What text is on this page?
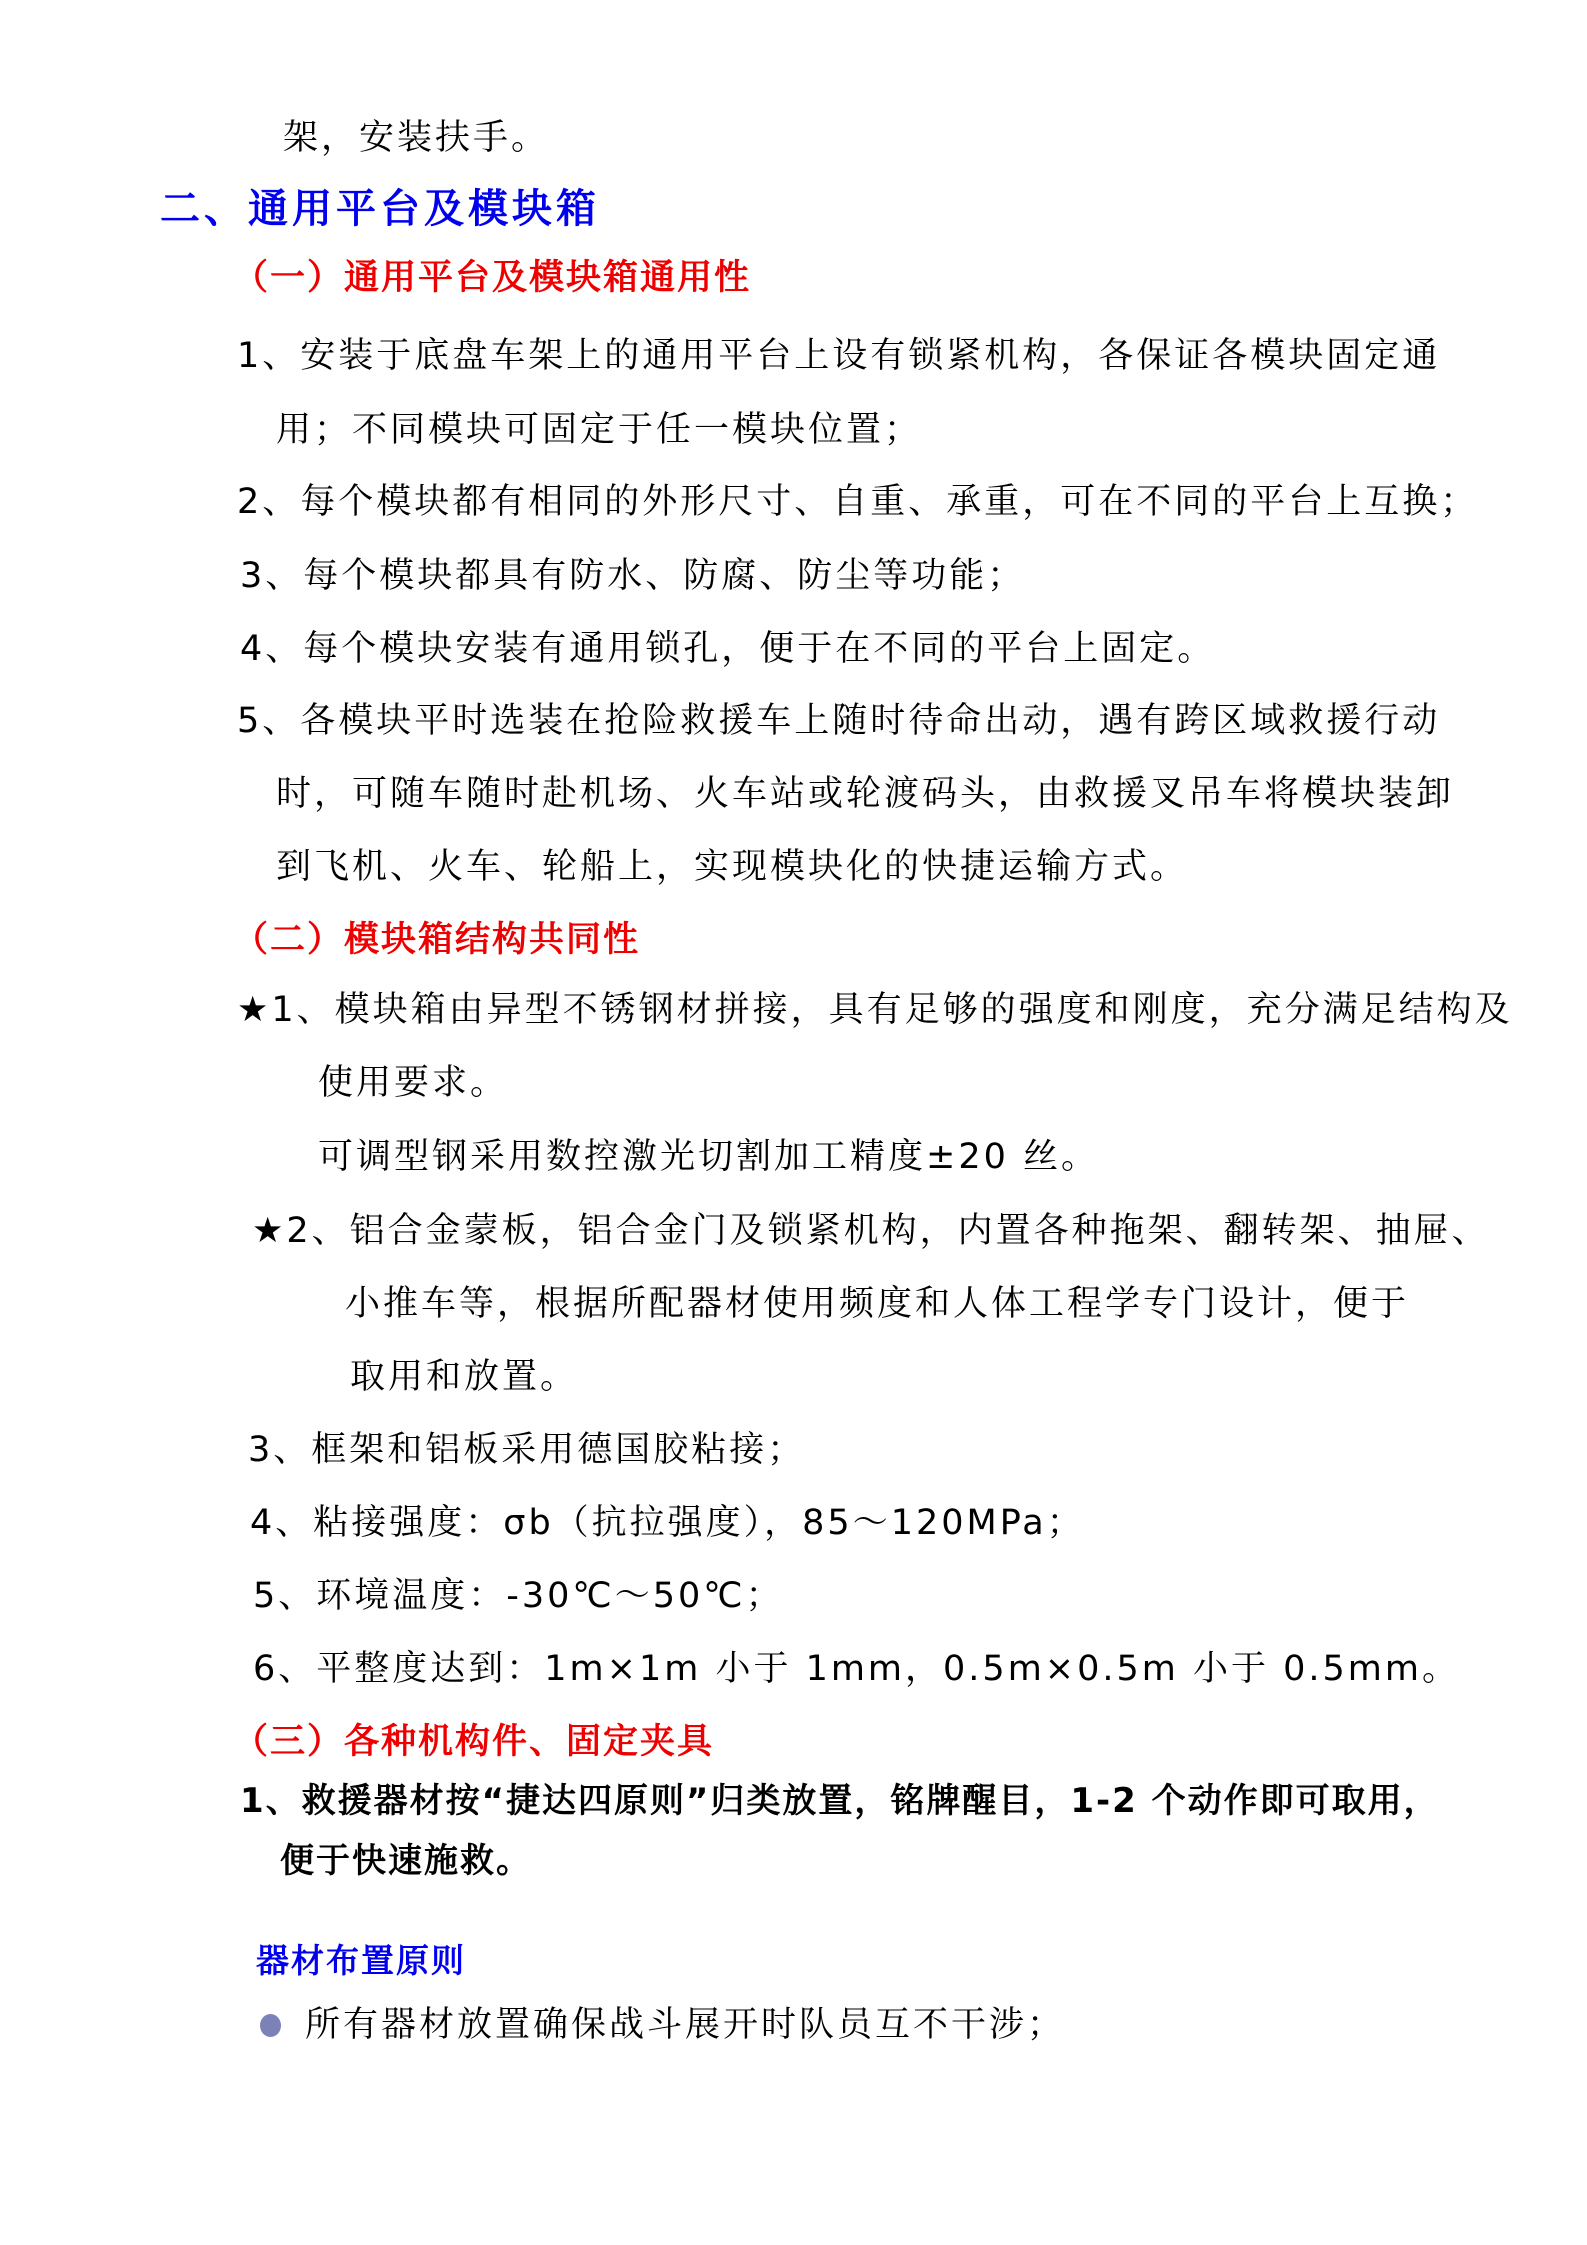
架，安装扶手。

二、通用平台及模块箱

（一）通用平台及模块箱通用性

1、安装于底盘车架上的通用平台上设有锁紧机构，各保证各模块固定通

用；不同模块可固定于任一模块位置；

2、每个模块都有相同的外形尺寸、自重、承重，可在不同的平台上互换；

3、每个模块都具有防水、防腐、防尘等功能；

4、每个模块安装有通用锁孔，便于在不同的平台上固定。

5、各模块平时选装在抢险救援车上随时待命出动，遇有跨区域救援行动

时，可随车随时赴机场、火车站或轮渡码头，由救援叉吊车将模块装卸

到飞机、火车、轮船上，实现模块化的快捷运输方式。

（二）模块箱结构共同性

★1、模块箱由异型不锈钢材拼接，具有足够的强度和刚度，充分满足结构及

使用要求。

可调型钢采用数控激光切割加工精度±20 丝。

★2、铝合金蒙板，铝合金门及锁紧机构，内置各种拖架、翻转架、抽屉、

小推车等，根据所配器材使用频度和人体工程学专门设计，便于

取用和放置。

3、框架和铝板采用德国胶粘接；

4、粘接强度：σb（抗拉强度），85～120MPa；

5、环境温度：-30℃～50℃；

6、平整度达到：1m×1m 小于 1mm，0.5m×0.5m 小于 0.5mm。

（三）各种机构件、固定夹具

1、救援器材按“捷达四原则”归类放置，铭牌醒目，1-2 个动作即可取用，

便于快速施救。

器材布置原则

所有器材放置确保战斗展开时队员互不干涉；
